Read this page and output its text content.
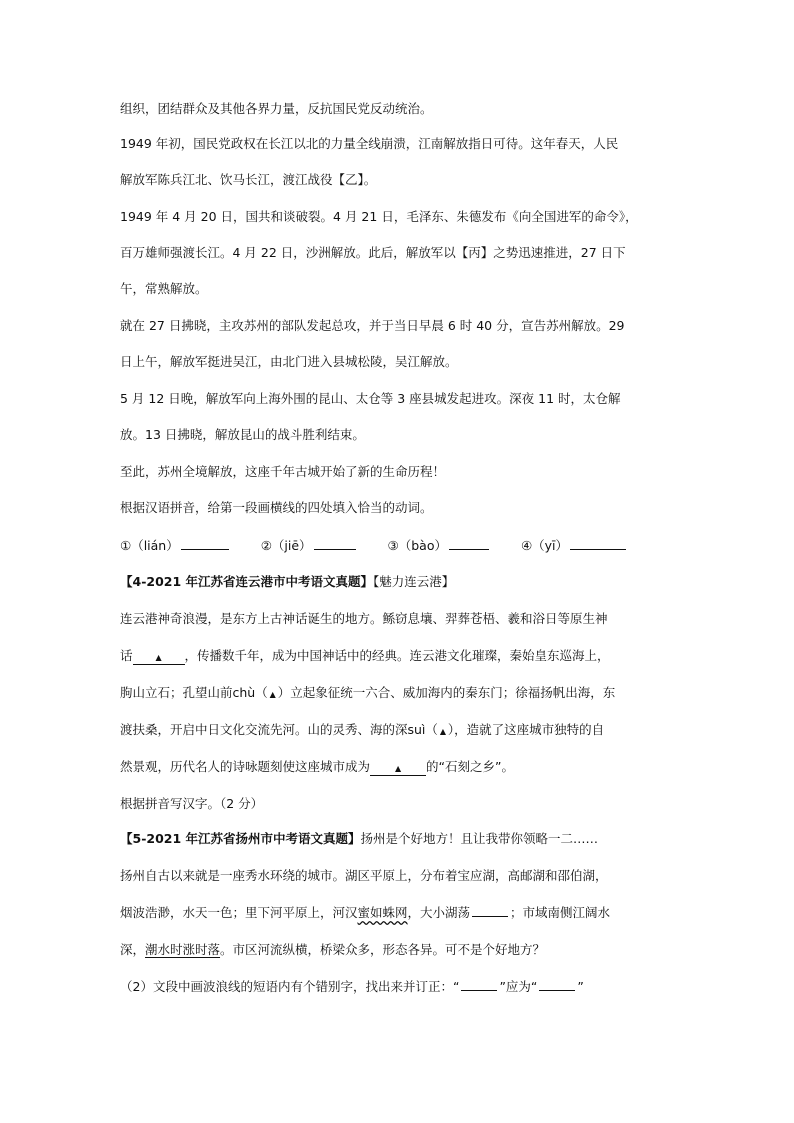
组织，团结群众及其他各界力量，反抗国民党反动统治。
1949 年初，国民党政权在长江以北的力量全线崩溃，江南解放指日可待。这年春天，人民
解放军陈兵江北、饮马长江，渡江战役【乙】。
1949 年 4 月 20 日，国共和谈破裂。4 月 21 日，毛泽东、朱德发布《向全国进军的命令》，
百万雄师强渡长江。4 月 22 日，沙洲解放。此后，解放军以【丙】之势迅速推进，27 日下
午，常熟解放。
就在 27 日拂晓，主攻苏州的部队发起总攻，并于当日早晨 6 时 40 分，宣告苏州解放。29
日上午，解放军挺进吴江，由北门进入县城松陵，吴江解放。
5 月 12 日晚，解放军向上海外围的昆山、太仓等 3 座县城发起进攻。深夜 11 时，太仓解
放。13 日拂晓，解放昆山的战斗胜利结束。
至此，苏州全境解放，这座千年古城开始了新的生命历程！
根据汉语拼音，给第一段画横线的四处填入恰当的动词。
①（lián）	②（jiē）	③（bào）	④（yī）
【4-2021 年江苏省连云港市中考语文真题】【魅力连云港】
连云港神奇浪漫，是东方上古神话诞生的地方。鲧窃息壤、羿葬苍梧、羲和浴日等原生神
话	▲ ，传播数千年，成为中国神话中的经典。连云港文化璀璨，秦始皇东巡海上，
朐山立石；孔望山前chù（ ▲ ）立起象征统一六合、威加海内的秦东门；徐福扬帆出海，东
渡扶桑，开启中日文化交流先河。山的灵秀、海的深suì（ ▲ ），造就了这座城市独特的自
然景观，历代名人的诗咏题刻使这座城市成为	▲ 的“石刻之乡”。
根据拼音写汉字。（2 分）
【5-2021 年江苏省扬州市中考语文真题】扬州是个好地方！且让我带你领略一二……
扬州自古以来就是一座秀水环绕的城市。湖区平原上，分布着宝应湖，高邮湖和邵伯湖，
烟波浩渺，水天一色；里下河平原上，河汉蜜如蛛网，大小湖荡	；市域南侧江阔水
深，潮水时涨时落。市区河流纵横，桥梁众多，形态各异。可不是个好地方？
（2）文段中画波浪线的短语内有个错别字，找出来并订正：“	”应为“	”
